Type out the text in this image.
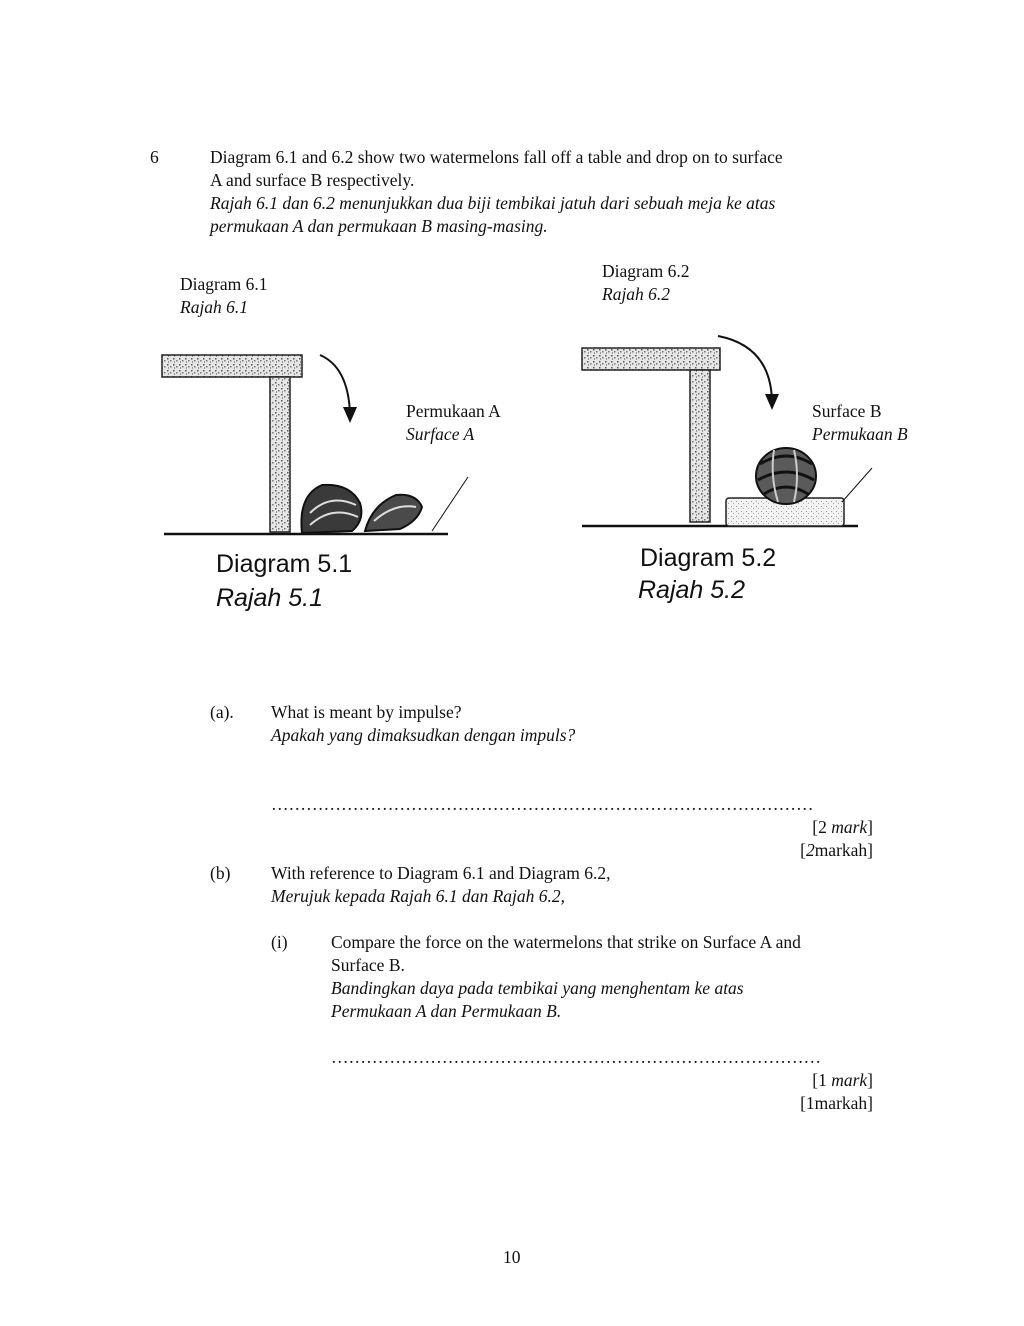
6	Diagram 6.1 and 6.2 show two watermelons fall off a table and drop on to surface
A and surface B respectively.
Rajah 6.1 dan 6.2 menunjukkan dua biji tembikai jatuh dari sebuah meja ke atas
permukaan A dan permukaan B masing-masing.
Diagram 6.1
Rajah 6.1
Diagram 6.2
Rajah 6.2
Permukaan A
Surface A
Diagram 5.1
Rajah 5.1
Surface B
Permukaan B
Diagram 5.2
Rajah 5.2
(a). What is meant by impulse?
Apakah yang dimaksudkan dengan impuls?
…………………………………………………………………………………
[2 mark]
[2markah]
(b) With reference to Diagram 6.1 and Diagram 6.2,
Merujuk kepada Rajah 6.1 dan Rajah 6.2,
(i) Compare the force on the watermelons that strike on Surface A and
Surface B.
Bandingkan daya pada tembikai yang menghentam ke atas
Permukaan A dan Permukaan B.
…………………………………………………………………………
[1 mark]
[1markah]
10
